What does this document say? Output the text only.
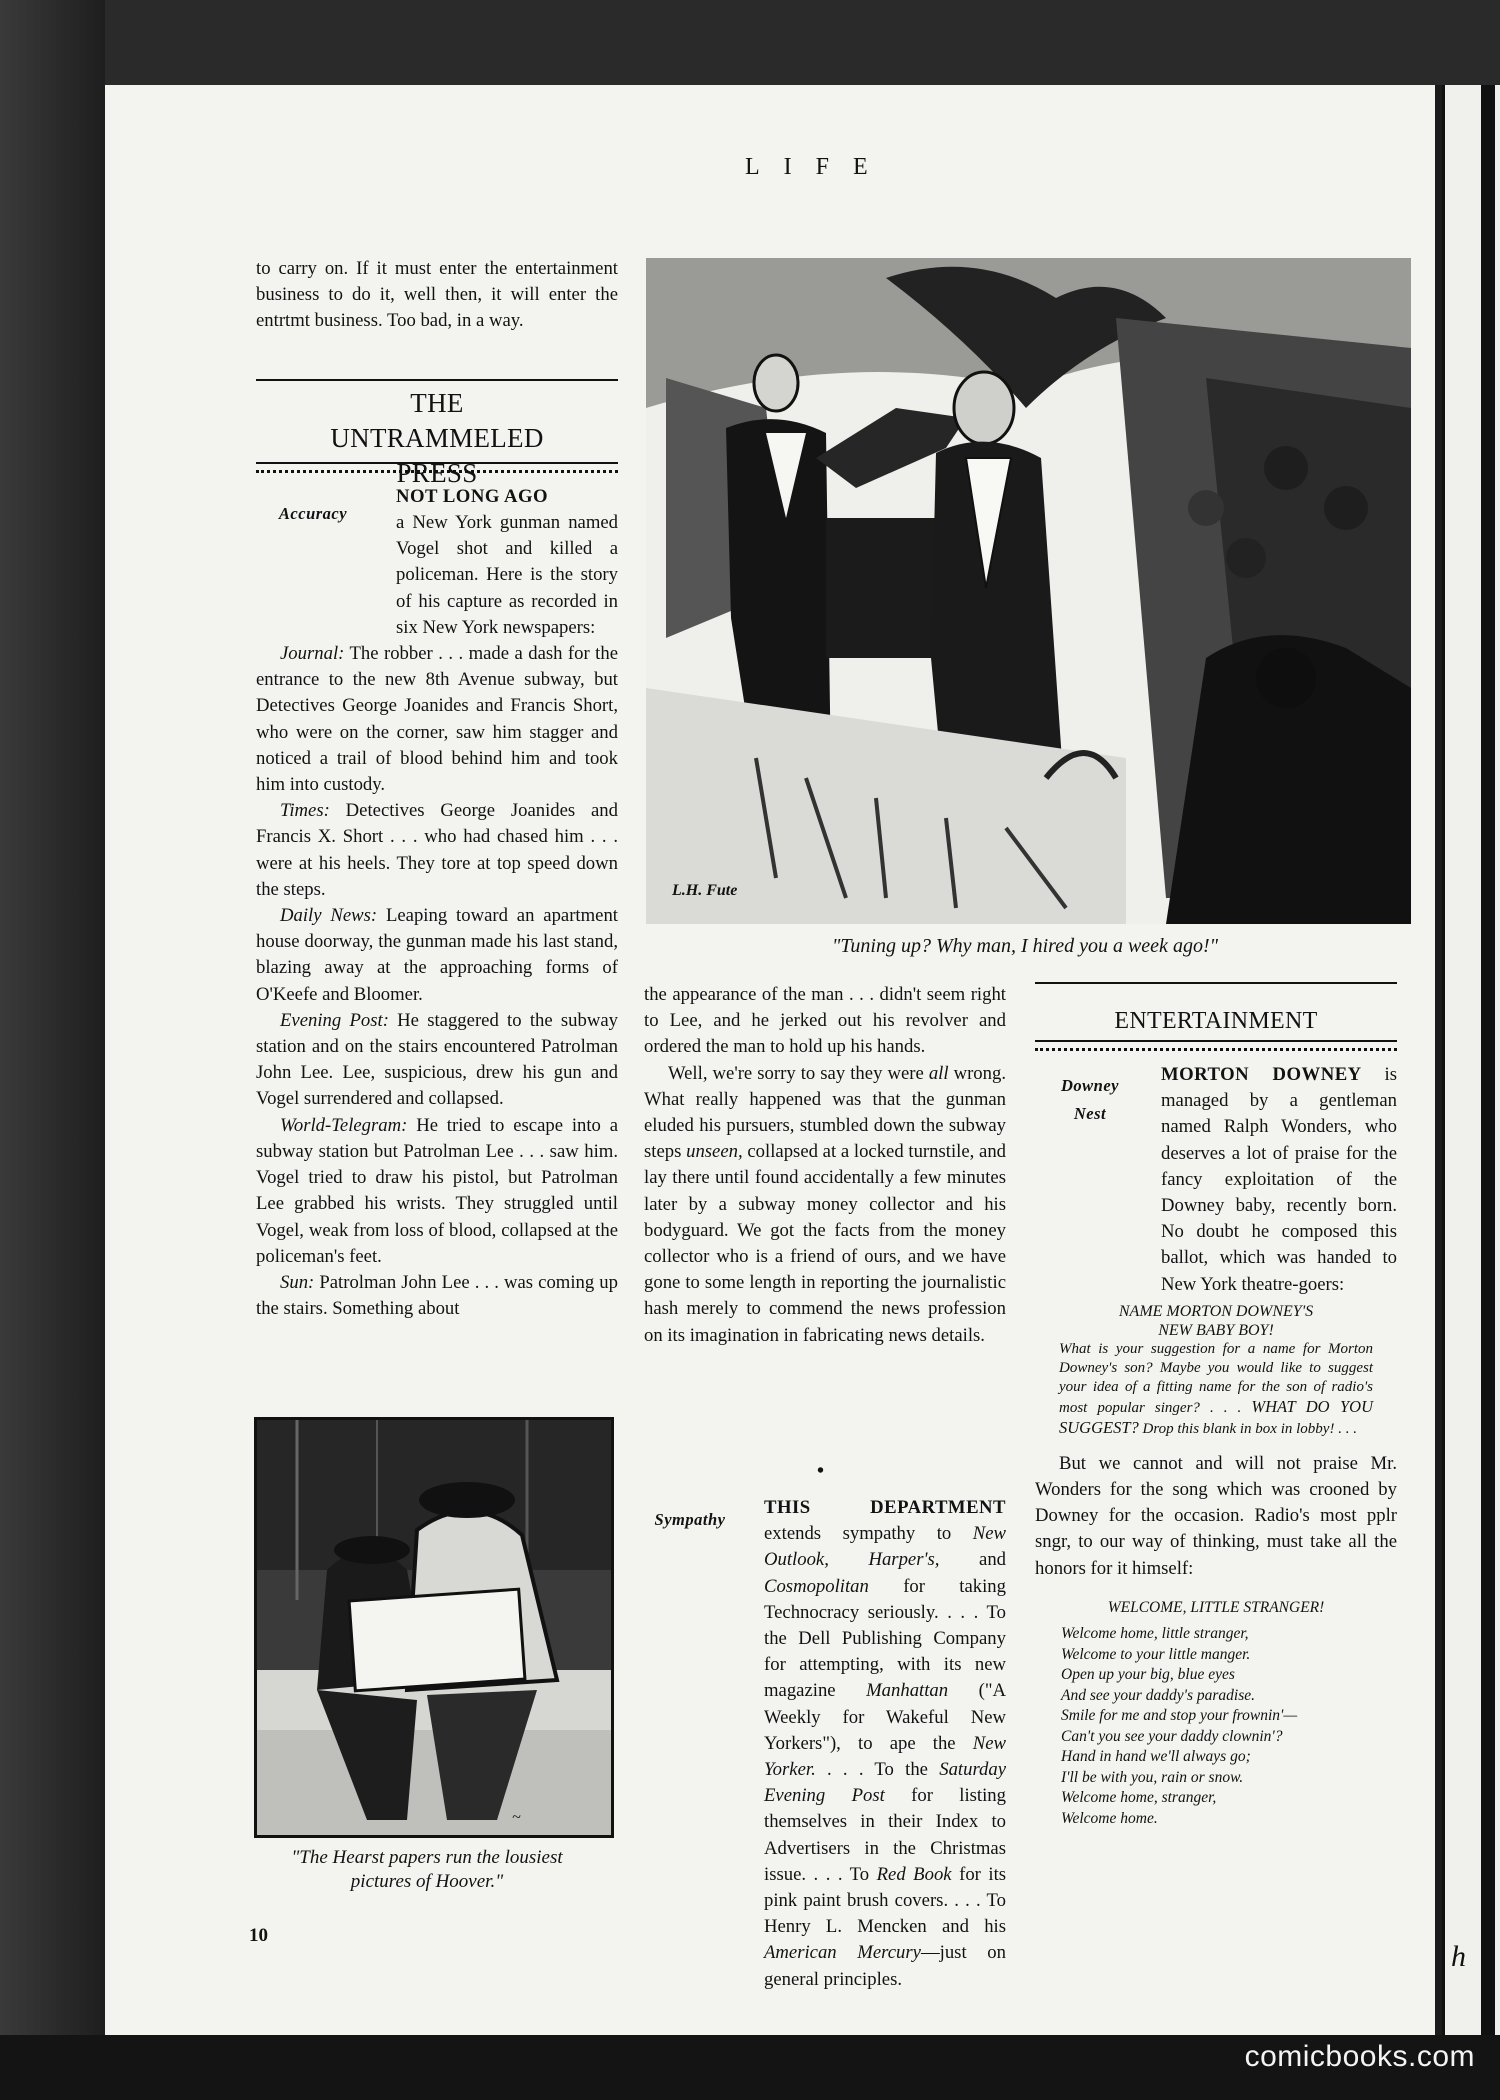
h
LIFE

to carry on. If it must enter the entertainment business to do it, well then, it will enter the entrtmt business. Too bad, in a way.

THE UNTRAMMELED PRESS
Accuracy

NOT LONG AGO

a New York gunman named Vogel shot and killed a policeman. Here is the story of his capture as recorded in six New York newspapers:

Journal: The robber . . . made a dash for the entrance to the new 8th Avenue subway, but Detectives George Joanides and Francis Short, who were on the corner, saw him stagger and noticed a trail of blood behind him and took him into custody.

Times: Detectives George Joanides and Francis X. Short . . . who had chased him . . . were at his heels. They tore at top speed down the steps.

Daily News: Leaping toward an apartment house doorway, the gunman made his last stand, blazing away at the approaching forms of O'Keefe and Bloomer.

Evening Post: He staggered to the subway station and on the stairs encountered Patrolman John Lee. Lee, suspicious, drew his gun and Vogel surrendered and collapsed.

World-Telegram: He tried to escape into a subway station but Patrolman Lee . . . saw him. Vogel tried to draw his pistol, but Patrolman Lee grabbed his wrists. They struggled until Vogel, weak from loss of blood, collapsed at the policeman's feet.

Sun: Patrolman John Lee . . . was coming up the stairs. Something about

~
"The Hearst papers run the lousiest
pictures of Hoover."
L.H. Fute
"Tuning up? Why man, I hired you a week ago!"

the appearance of the man . . . didn't seem right to Lee, and he jerked out his revolver and ordered the man to hold up his hands.

Well, we're sorry to say they were all wrong. What really happened was that the gunman eluded his pursuers, stumbled down the subway steps unseen, collapsed at a locked turnstile, and lay there until found accidentally a few minutes later by a subway money collector and his bodyguard. We got the facts from the money collector who is a friend of ours, and we have gone to some length in reporting the journalistic hash merely to commend the news profession on its imagination in fabricating news details.

•
Sympathy

THIS DEPARTMENT extends sympathy to New Outlook, Harper's, and Cosmopolitan for taking Technocracy seriously. . . . To the Dell Publishing Company for attempting, with its new magazine Manhattan ("A Weekly for Wakeful New Yorkers"), to ape the New Yorker. . . . To the Saturday Evening Post for listing themselves in their Index to Advertisers in the Christmas issue. . . . To Red Book for its pink paint brush covers. . . . To Henry L. Mencken and his American Mercury—just on general principles.

ENTERTAINMENT
Downey
Nest

MORTON DOWNEY is managed by a gentleman named Ralph Wonders, who deserves a lot of praise for the fancy exploitation of the Downey baby, recently born. No doubt he composed this ballot, which was handed to New York theatre-goers:

NAME MORTON DOWNEY'S
NEW BABY BOY!
What is your suggestion for a name for Morton Downey's son? Maybe you would like to suggest your idea of a fitting name for the son of radio's most popular singer? . . . WHAT DO YOU SUGGEST? Drop this blank in box in lobby! . . .

But we cannot and will not praise Mr. Wonders for the song which was crooned by Downey for the occasion. Radio's most pplr sngr, to our way of thinking, must take all the honors for it himself:

WELCOME, LITTLE STRANGER!
Welcome home, little stranger,
Welcome to your little manger.
Open up your big, blue eyes
And see your daddy's paradise.
Smile for me and stop your frownin'—
Can't you see your daddy clownin'?
Hand in hand we'll always go;
I'll be with you, rain or snow.
Welcome home, stranger,
Welcome home.
10
comicbooks.com
